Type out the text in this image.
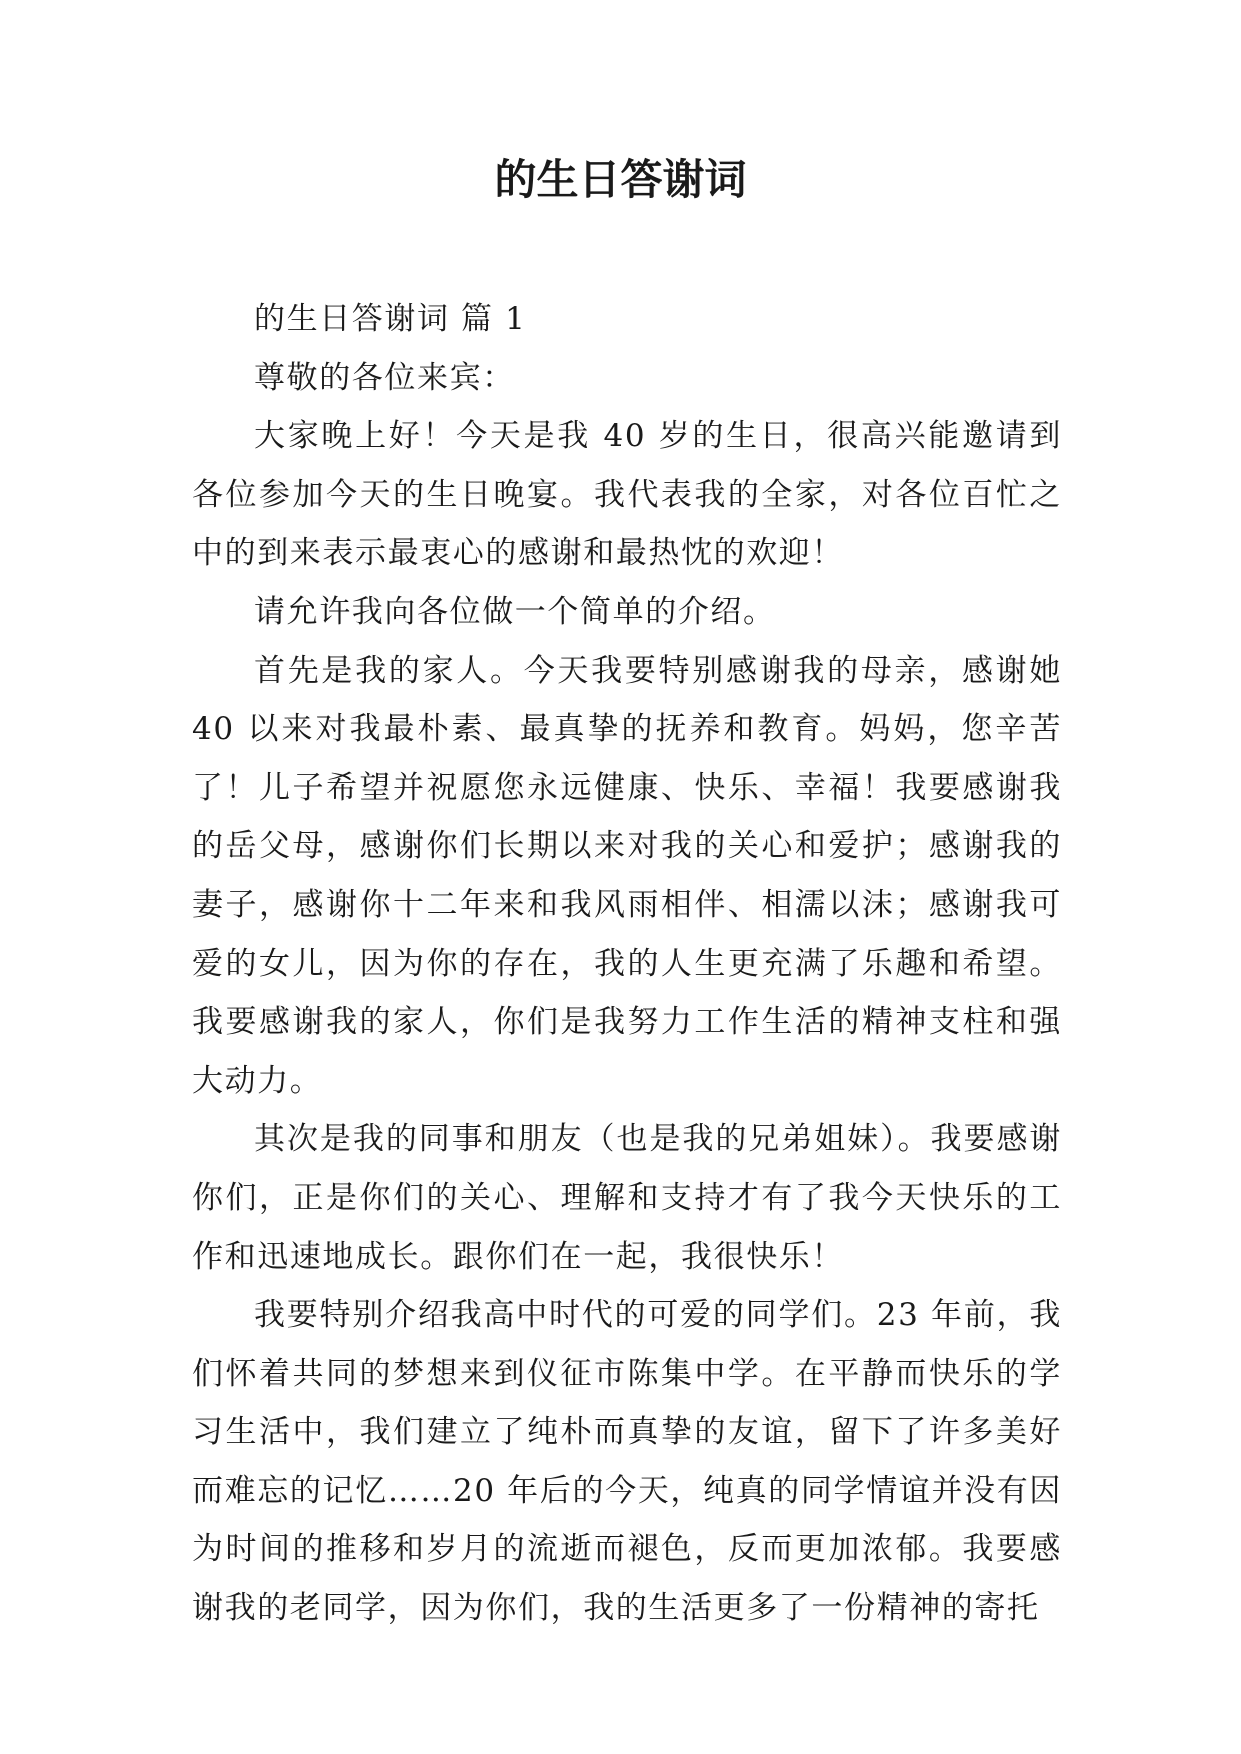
的生日答谢词

的生日答谢词 篇 1

尊敬的各位来宾：

大家晚上好！今天是我 40 岁的生日，很高兴能邀请到各位参加今天的生日晚宴。我代表我的全家，对各位百忙之中的到来表示最衷心的感谢和最热忱的欢迎！

请允许我向各位做一个简单的介绍。

首先是我的家人。今天我要特别感谢我的母亲，感谢她 40 以来对我最朴素、最真挚的抚养和教育。妈妈，您辛苦了！儿子希望并祝愿您永远健康、快乐、幸福！我要感谢我的岳父母，感谢你们长期以来对我的关心和爱护；感谢我的妻子，感谢你十二年来和我风雨相伴、相濡以沫；感谢我可爱的女儿，因为你的存在，我的人生更充满了乐趣和希望。我要感谢我的家人，你们是我努力工作生活的精神支柱和强大动力。

其次是我的同事和朋友（也是我的兄弟姐妹）。我要感谢你们，正是你们的关心、理解和支持才有了我今天快乐的工作和迅速地成长。跟你们在一起，我很快乐！

我要特别介绍我高中时代的可爱的同学们。23 年前，我们怀着共同的梦想来到仪征市陈集中学。在平静而快乐的学习生活中，我们建立了纯朴而真挚的友谊，留下了许多美好而难忘的记忆……20 年后的今天，纯真的同学情谊并没有因为时间的推移和岁月的流逝而褪色，反而更加浓郁。我要感谢我的老同学，因为你们，我的生活更多了一份精神的寄托
